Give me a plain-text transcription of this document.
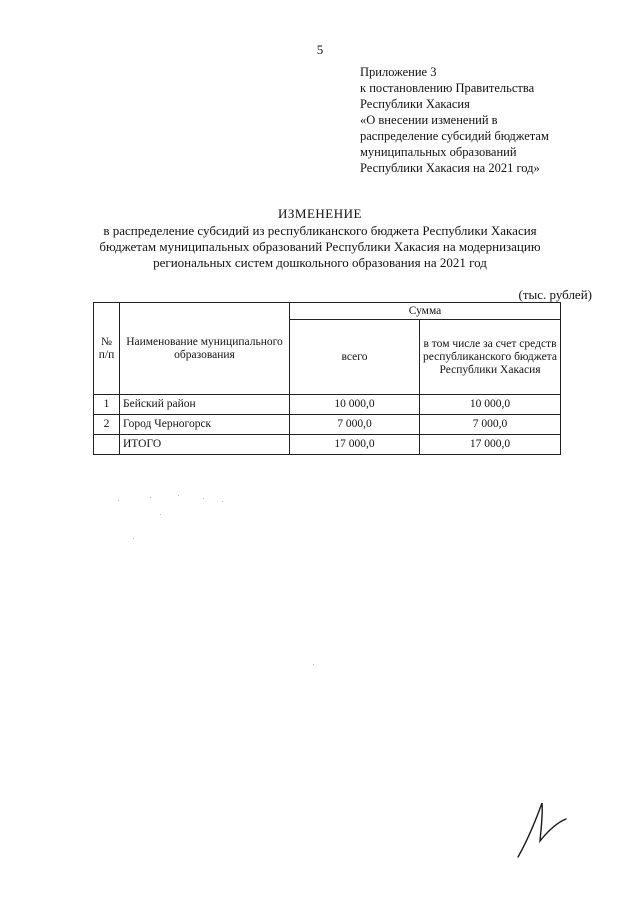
5
Приложение 3
к постановлению Правительства
Республики Хакасия
«О внесении изменений в
распределение субсидий бюджетам
муниципальных образований
Республики Хакасия на 2021 год»
ИЗМЕНЕНИЕ
в распределение субсидий из республиканского бюджета Республики Хакасия
бюджетам муниципальных образований Республики Хакасия на модернизацию
региональных систем дошкольного образования на 2021 год
(тыс. рублей)
№ п/п	Наименование муниципального образования	Сумма	
		всего	в том числе за счет средств республиканского бюджета Республики Хакасия
1	Бейский район	10 000,0	10 000,0
2	Город Черногорск	7 000,0	7 000,0
	ИТОГО	17 000,0	17 000,0
